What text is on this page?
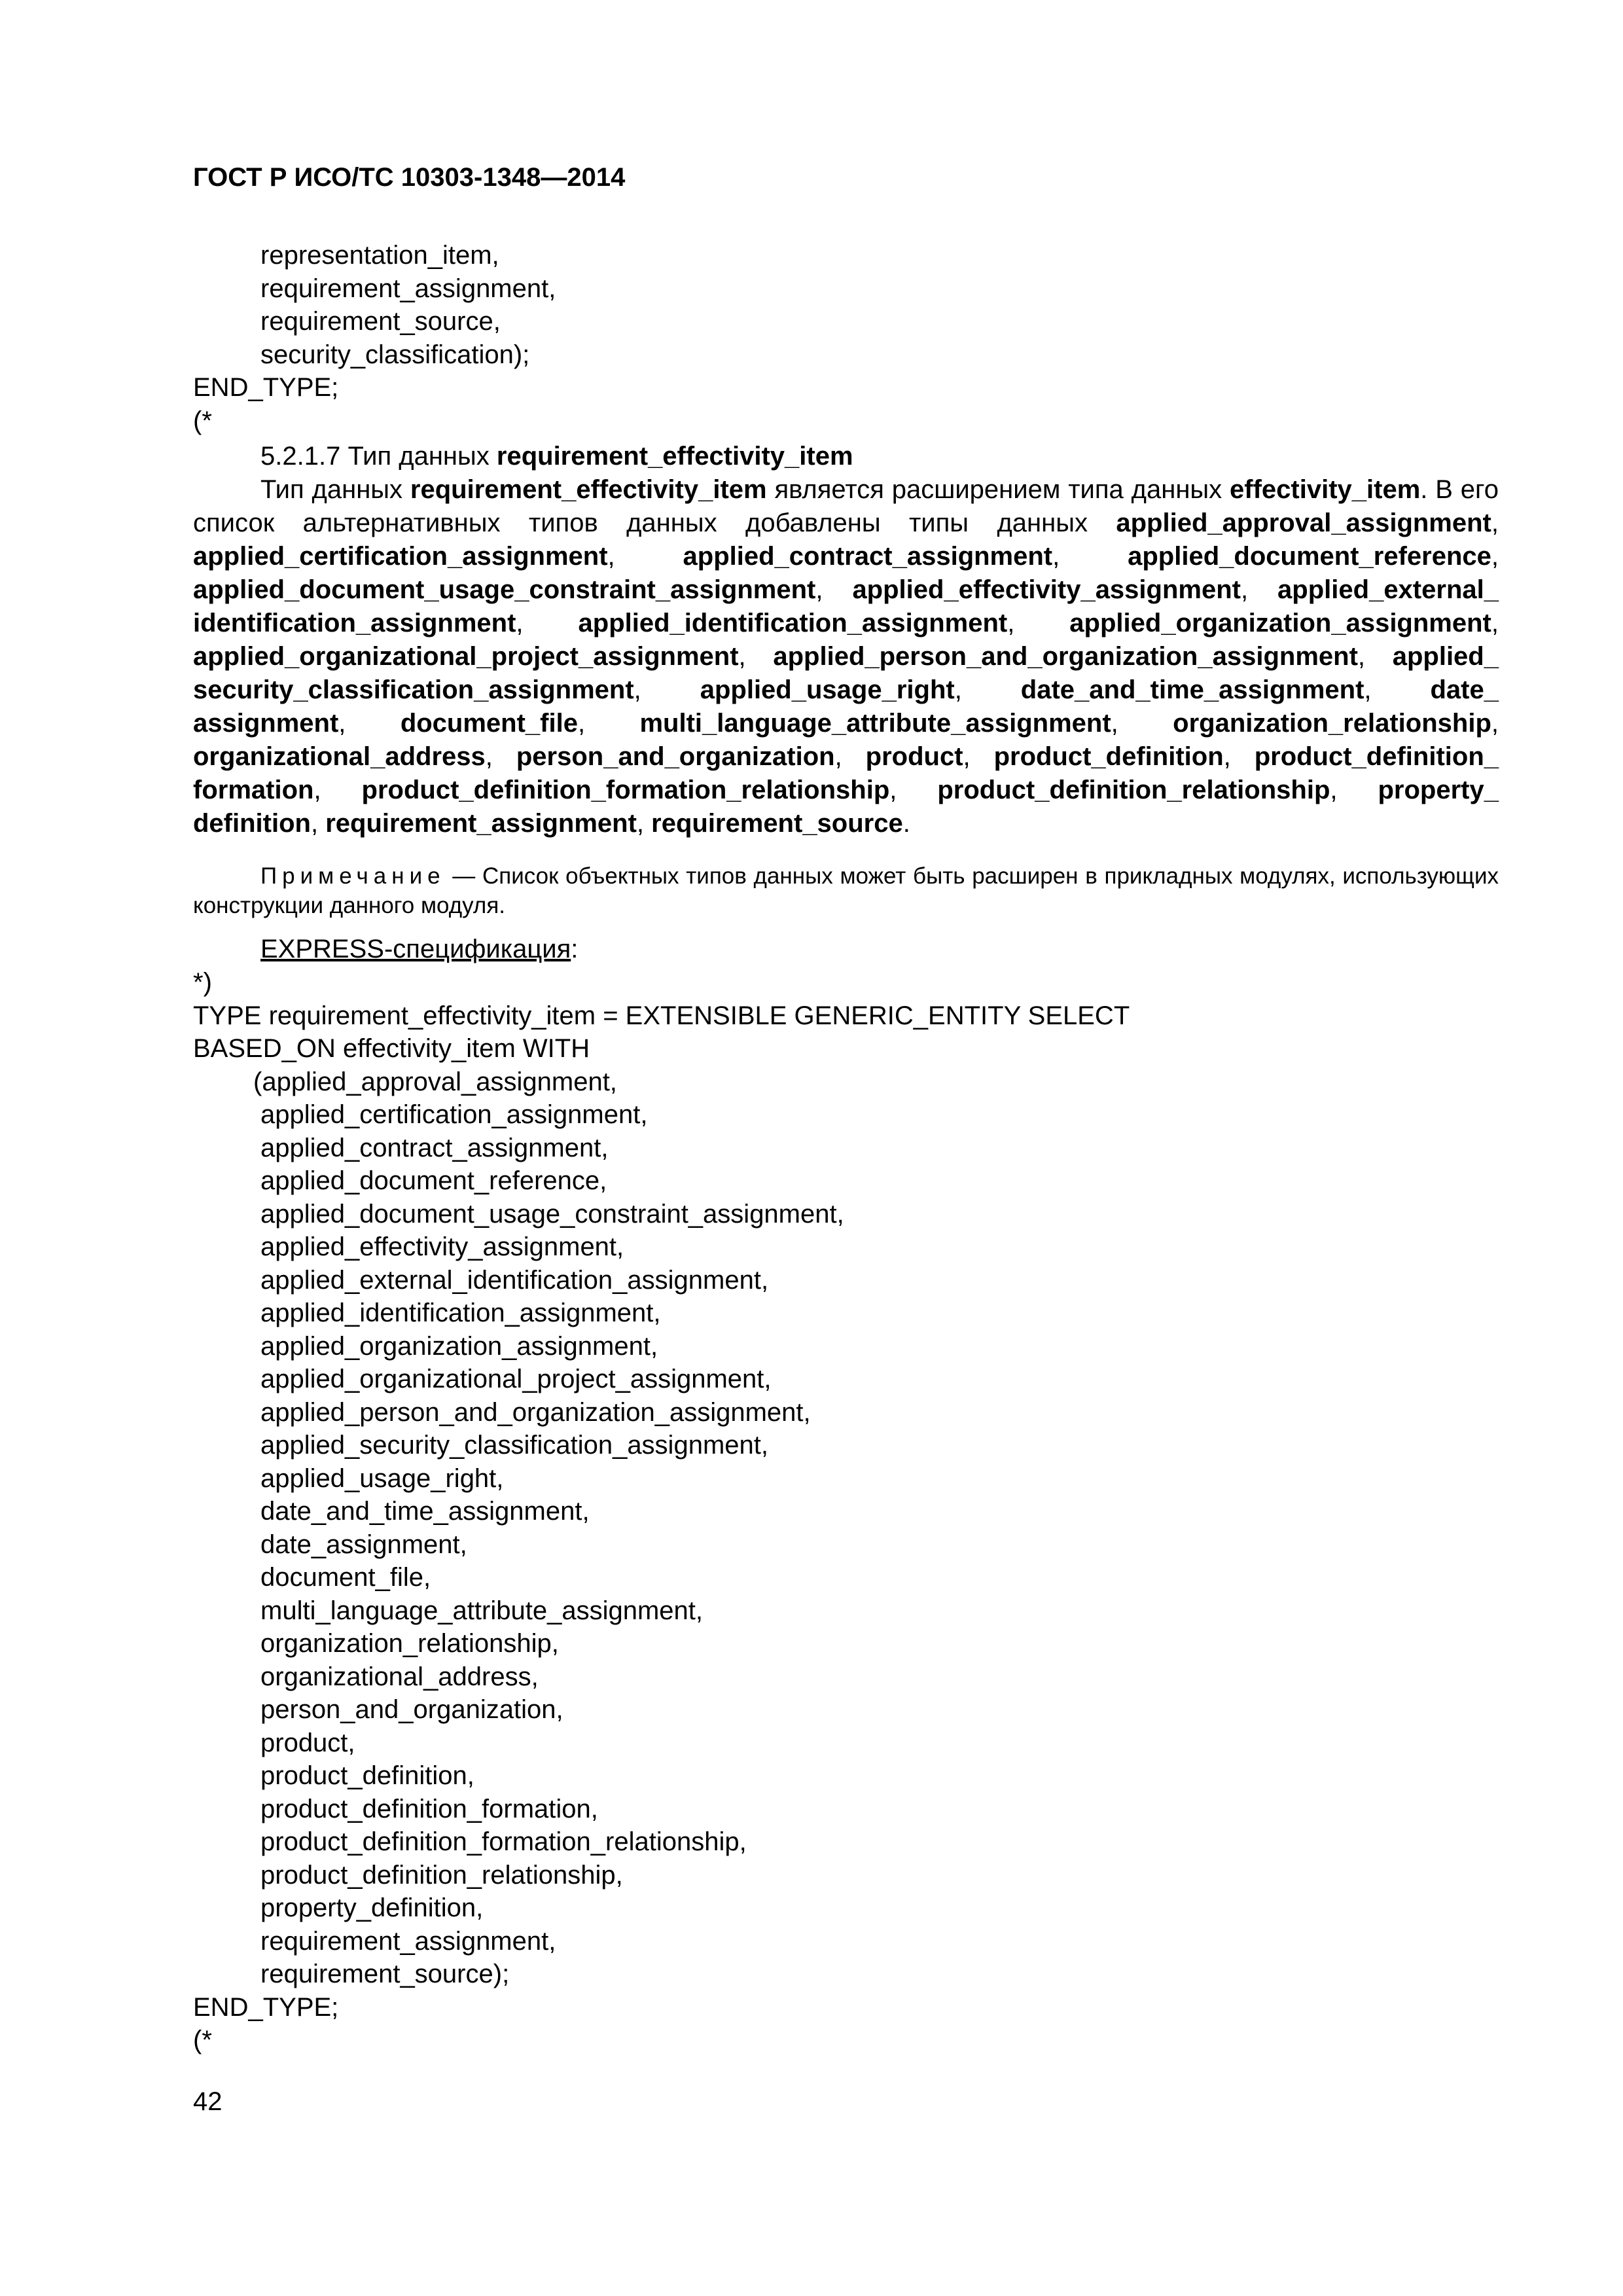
ГОСТ Р ИСО/ТС 10303-1348—2014
representation_item,
requirement_assignment,
requirement_source,
security_classification);
END_TYPE;
(*
5.2.1.7 Тип данных requirement_effectivity_item
Тип данных requirement_effectivity_item является расширением типа данных effectivity_item. В его список альтернативных типов данных добавлены типы данных applied_approval_assignment, applied_certification_assignment, applied_contract_assignment, applied_document_reference, applied_document_usage_constraint_assignment, applied_effectivity_assignment, applied_external_ identification_assignment, applied_identification_assignment, applied_organization_assignment, applied_organizational_project_assignment, applied_person_and_organization_assignment, applied_ security_classification_assignment, applied_usage_right, date_and_time_assignment, date_ assignment, document_file, multi_language_attribute_assignment, organization_relationship, organizational_address, person_and_organization, product, product_definition, product_definition_ formation, product_definition_formation_relationship, product_definition_relationship, property_ definition, requirement_assignment, requirement_source.
Примечание — Список объектных типов данных может быть расширен в прикладных модулях, использующих конструкции данного модуля.
EXPRESS-спецификация:
*)
TYPE requirement_effectivity_item = EXTENSIBLE GENERIC_ENTITY SELECT
BASED_ON effectivity_item WITH
(applied_approval_assignment,
applied_certification_assignment,
applied_contract_assignment,
applied_document_reference,
applied_document_usage_constraint_assignment,
applied_effectivity_assignment,
applied_external_identification_assignment,
applied_identification_assignment,
applied_organization_assignment,
applied_organizational_project_assignment,
applied_person_and_organization_assignment,
applied_security_classification_assignment,
applied_usage_right,
date_and_time_assignment,
date_assignment,
document_file,
multi_language_attribute_assignment,
organization_relationship,
organizational_address,
person_and_organization,
product,
product_definition,
product_definition_formation,
product_definition_formation_relationship,
product_definition_relationship,
property_definition,
requirement_assignment,
requirement_source);
END_TYPE;
(*
42
